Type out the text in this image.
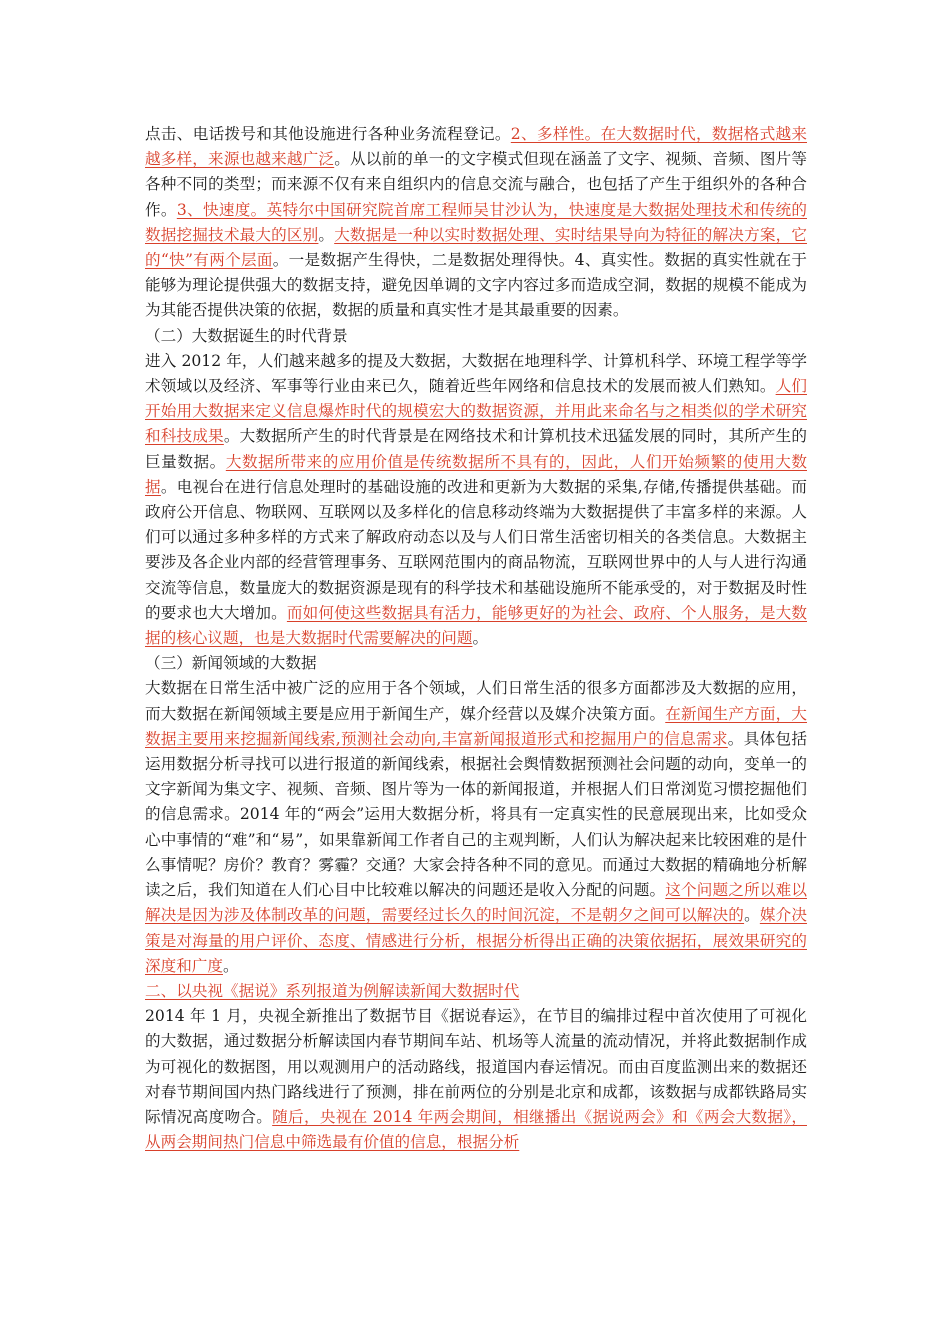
点击、电话拨号和其他设施进行各种业务流程登记。2、多样性。在大数据时代，数据格式越来越多样，来源也越来越广泛。从以前的单一的文字模式但现在涵盖了文字、视频、音频、图片等各种不同的类型；而来源不仅有来自组织内的信息交流与融合，也包括了产生于组织外的各种合作。3、快速度。英特尔中国研究院首席工程师吴甘沙认为，快速度是大数据处理技术和传统的数据挖掘技术最大的区别。大数据是一种以实时数据处理、实时结果导向为特征的解决方案，它的“快”有两个层面。一是数据产生得快，二是数据处理得快。4、真实性。数据的真实性就在于能够为理论提供强大的数据支持，避免因单调的文字内容过多而造成空洞，数据的规模不能成为为其能否提供决策的依据，数据的质量和真实性才是其最重要的因素。

（二）大数据诞生的时代背景

进入 2012 年，人们越来越多的提及大数据，大数据在地理科学、计算机科学、环境工程学等学术领域以及经济、军事等行业由来已久，随着近些年网络和信息技术的发展而被人们熟知。人们开始用大数据来定义信息爆炸时代的规模宏大的数据资源，并用此来命名与之相类似的学术研究和科技成果。大数据所产生的时代背景是在网络技术和计算机技术迅猛发展的同时，其所产生的巨量数据。大数据所带来的应用价值是传统数据所不具有的，因此，人们开始频繁的使用大数据。电视台在进行信息处理时的基础设施的改进和更新为大数据的采集,存储,传播提供基础。而政府公开信息、物联网、互联网以及多样化的信息移动终端为大数据提供了丰富多样的来源。人们可以通过多种多样的方式来了解政府动态以及与人们日常生活密切相关的各类信息。大数据主要涉及各企业内部的经营管理事务、互联网范围内的商品物流，互联网世界中的人与人进行沟通交流等信息，数量庞大的数据资源是现有的科学技术和基础设施所不能承受的，对于数据及时性的要求也大大增加。而如何使这些数据具有活力，能够更好的为社会、政府、个人服务，是大数据的核心议题，也是大数据时代需要解决的问题。

（三）新闻领域的大数据

大数据在日常生活中被广泛的应用于各个领域，人们日常生活的很多方面都涉及大数据的应用，而大数据在新闻领域主要是应用于新闻生产，媒介经营以及媒介决策方面。在新闻生产方面，大数据主要用来挖掘新闻线索,预测社会动向,丰富新闻报道形式和挖掘用户的信息需求。具体包括运用数据分析寻找可以进行报道的新闻线索，根据社会舆情数据预测社会问题的动向，变单一的文字新闻为集文字、视频、音频、图片等为一体的新闻报道，并根据人们日常浏览习惯挖掘他们的信息需求。2014 年的“两会”运用大数据分析，将具有一定真实性的民意展现出来，比如受众心中事情的“难”和“易”，如果靠新闻工作者自己的主观判断，人们认为解决起来比较困难的是什么事情呢？房价？教育？雾霾？交通？大家会持各种不同的意见。而通过大数据的精确地分析解读之后，我们知道在人们心目中比较难以解决的问题还是收入分配的问题。这个问题之所以难以解决是因为涉及体制改革的问题，需要经过长久的时间沉淀，不是朝夕之间可以解决的。媒介决策是对海量的用户评价、态度、情感进行分析，根据分析得出正确的决策依据拓，展效果研究的深度和广度。

二、以央视《据说》系列报道为例解读新闻大数据时代

2014 年 1 月，央视全新推出了数据节目《据说春运》，在节目的编排过程中首次使用了可视化的大数据，通过数据分析解读国内春节期间车站、机场等人流量的流动情况，并将此数据制作成为可视化的数据图，用以观测用户的活动路线，报道国内春运情况。而由百度监测出来的数据还对春节期间国内热门路线进行了预测，排在前两位的分别是北京和成都，该数据与成都铁路局实际情况高度吻合。随后，央视在 2014 年两会期间，相继播出《据说两会》和《两会大数据》，从两会期间热门信息中筛选最有价值的信息，根据分析
